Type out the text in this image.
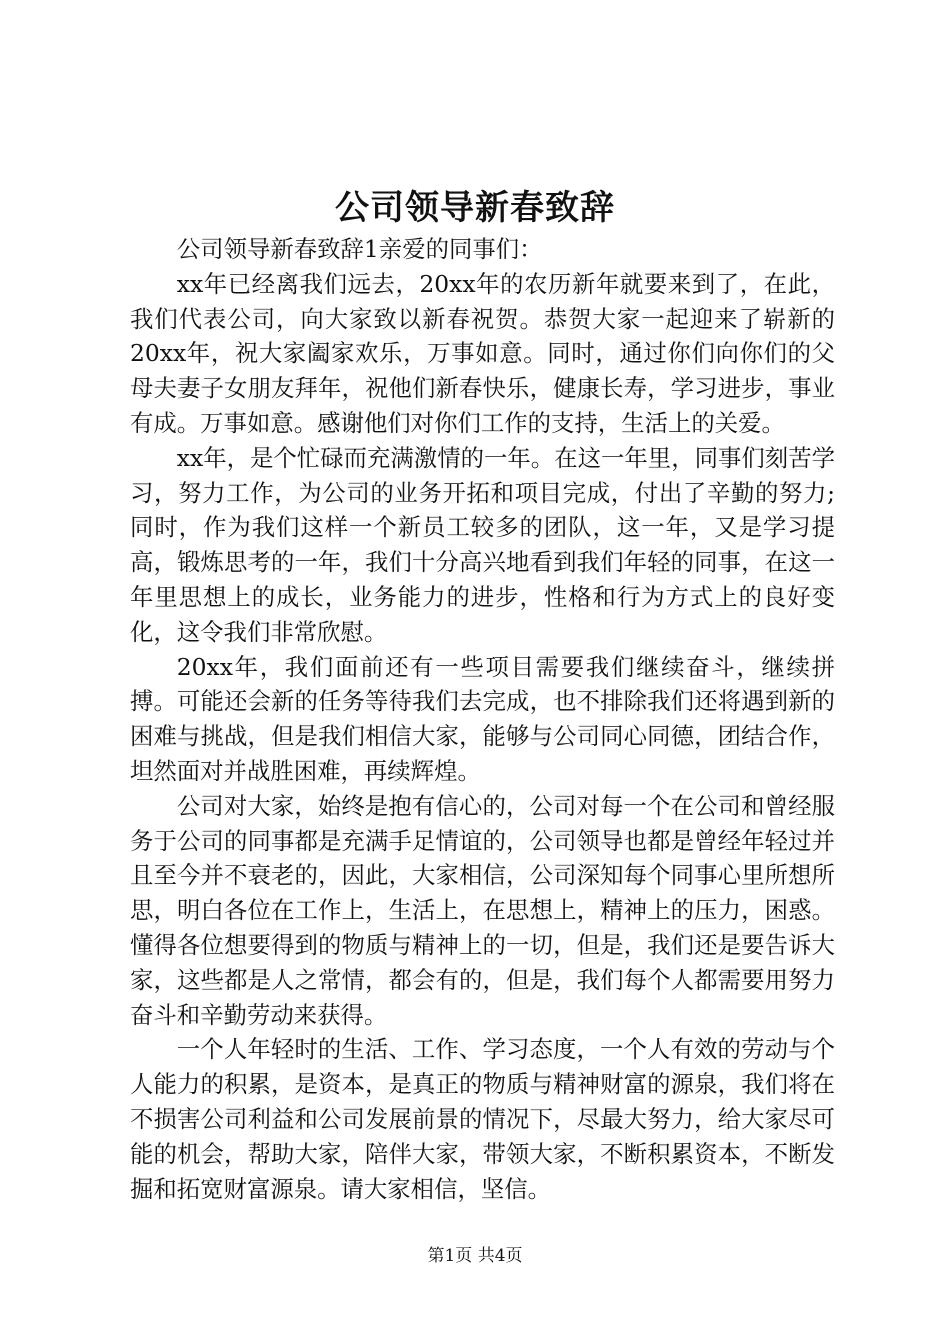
公司领导新春致辞

公司领导新春致辞1亲爱的同事们：

xx年已经离我们远去，20xx年的农历新年就要来到了，在此，我们代表公司，向大家致以新春祝贺。恭贺大家一起迎来了崭新的20xx年，祝大家阖家欢乐，万事如意。同时，通过你们向你们的父母夫妻子女朋友拜年，祝他们新春快乐，健康长寿，学习进步，事业有成。万事如意。感谢他们对你们工作的支持，生活上的关爱。

xx年，是个忙碌而充满激情的一年。在这一年里，同事们刻苦学习，努力工作，为公司的业务开拓和项目完成，付出了辛勤的努力;同时，作为我们这样一个新员工较多的团队，这一年，又是学习提高，锻炼思考的一年，我们十分高兴地看到我们年轻的同事，在这一年里思想上的成长，业务能力的进步，性格和行为方式上的良好变化，这令我们非常欣慰。

20xx年，我们面前还有一些项目需要我们继续奋斗，继续拼搏。可能还会新的任务等待我们去完成，也不排除我们还将遇到新的困难与挑战，但是我们相信大家，能够与公司同心同德，团结合作，坦然面对并战胜困难，再续辉煌。

公司对大家，始终是抱有信心的，公司对每一个在公司和曾经服务于公司的同事都是充满手足情谊的，公司领导也都是曾经年轻过并且至今并不衰老的，因此，大家相信，公司深知每个同事心里所想所思，明白各位在工作上，生活上，在思想上，精神上的压力，困惑。懂得各位想要得到的物质与精神上的一切，但是，我们还是要告诉大家，这些都是人之常情，都会有的，但是，我们每个人都需要用努力奋斗和辛勤劳动来获得。

一个人年轻时的生活、工作、学习态度，一个人有效的劳动与个人能力的积累，是资本，是真正的物质与精神财富的源泉，我们将在不损害公司利益和公司发展前景的情况下，尽最大努力，给大家尽可能的机会，帮助大家，陪伴大家，带领大家，不断积累资本，不断发掘和拓宽财富源泉。请大家相信，坚信。

第1页 共4页
